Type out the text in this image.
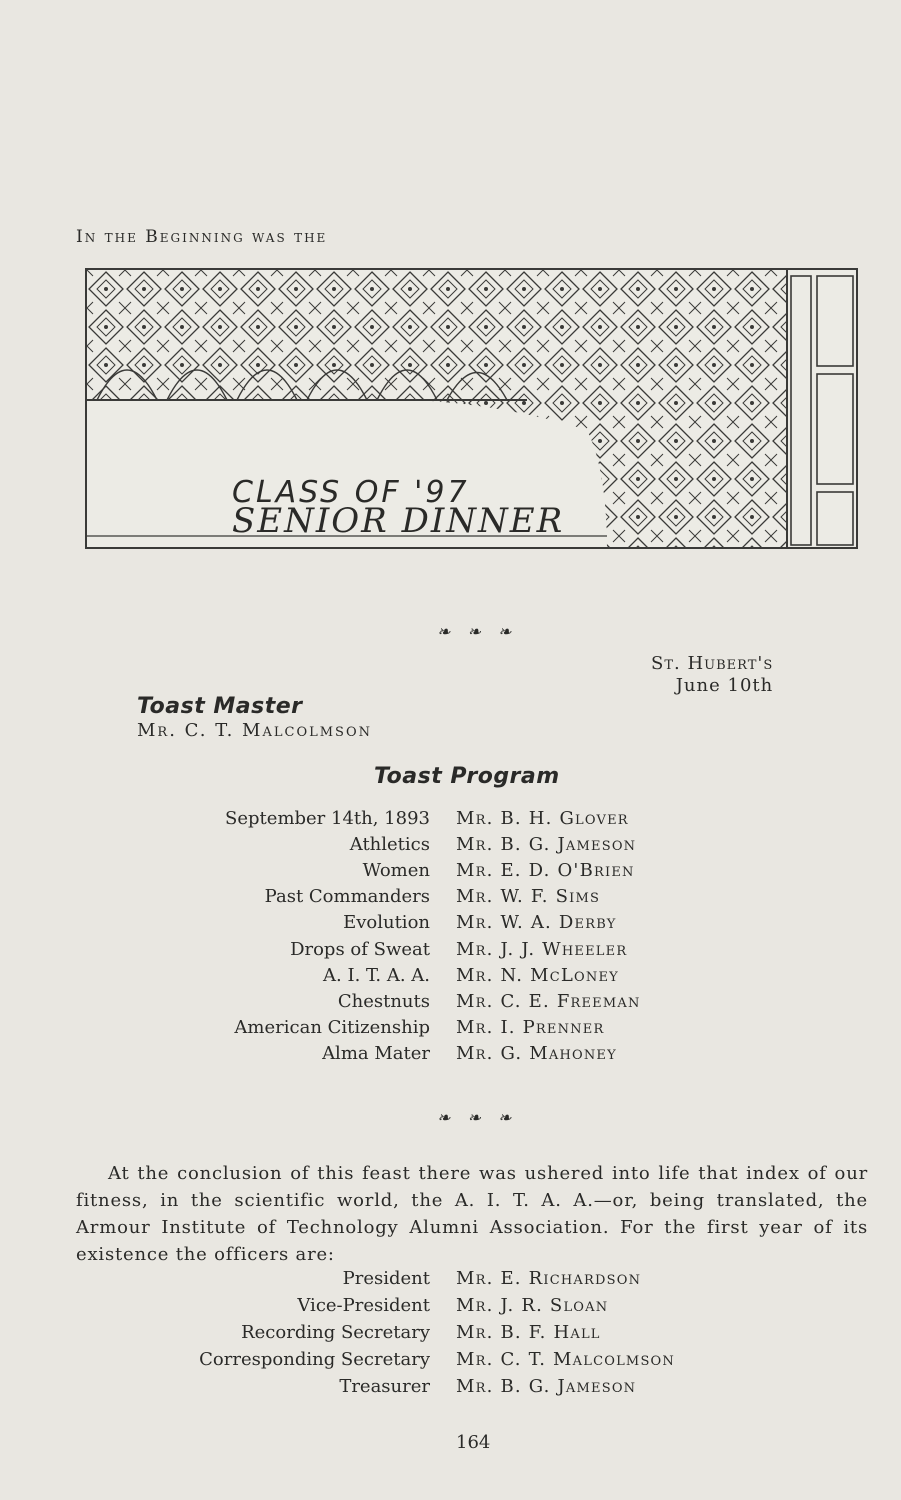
In the Beginning was the
CLASS OF '97
SENIOR DINNER
❧ ❧ ❧
St. Hubert's
June 10th
Toast Master
Mr. C. T. Malcolmson
Toast Program
September 14th, 1893 Mr. B. H. Glover
Athletics Mr. B. G. Jameson
Women Mr. E. D. O'Brien
Past Commanders Mr. W. F. Sims
Evolution Mr. W. A. Derby
Drops of Sweat Mr. J. J. Wheeler
A. I. T. A. A. Mr. N. McLoney
Chestnuts Mr. C. E. Freeman
American Citizenship Mr. I. Prenner
Alma Mater Mr. G. Mahoney
❧ ❧ ❧
At the conclusion of this feast there was ushered into life that index of our fitness, in the scientific world, the A. I. T. A. A.—or, being translated, the Armour Institute of Technology Alumni Association. For the first year of its existence the officers are:
President Mr. E. Richardson
Vice-President Mr. J. R. Sloan
Recording Secretary Mr. B. F. Hall
Corresponding Secretary Mr. C. T. Malcolmson
Treasurer Mr. B. G. Jameson
164
